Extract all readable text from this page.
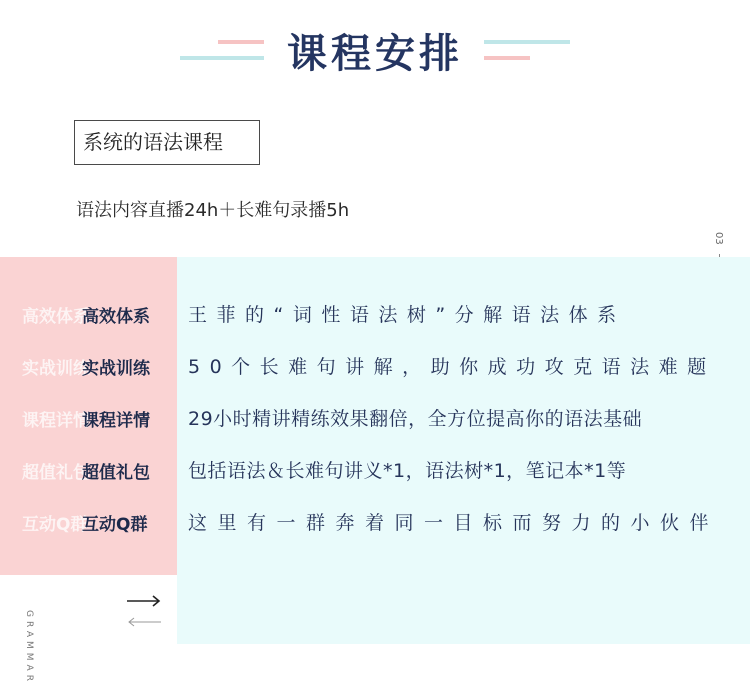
课程安排
系统的语法课程
语法内容直播24h＋长难句录播5h
03
高效体系
实战训练
课程详情
超值礼包
互动Q群
高效体系
实战训练
课程详情
超值礼包
互动Q群
王菲的“词性语法树”分解语法体系
50个长难句讲解，助你成功攻克语法难题
29小时精讲精练效果翻倍，全方位提高你的语法基础
包括语法＆长难句讲义*1，语法树*1，笔记本*1等
这里有一群奔着同一目标而努力的小伙伴
GRAMMAR
